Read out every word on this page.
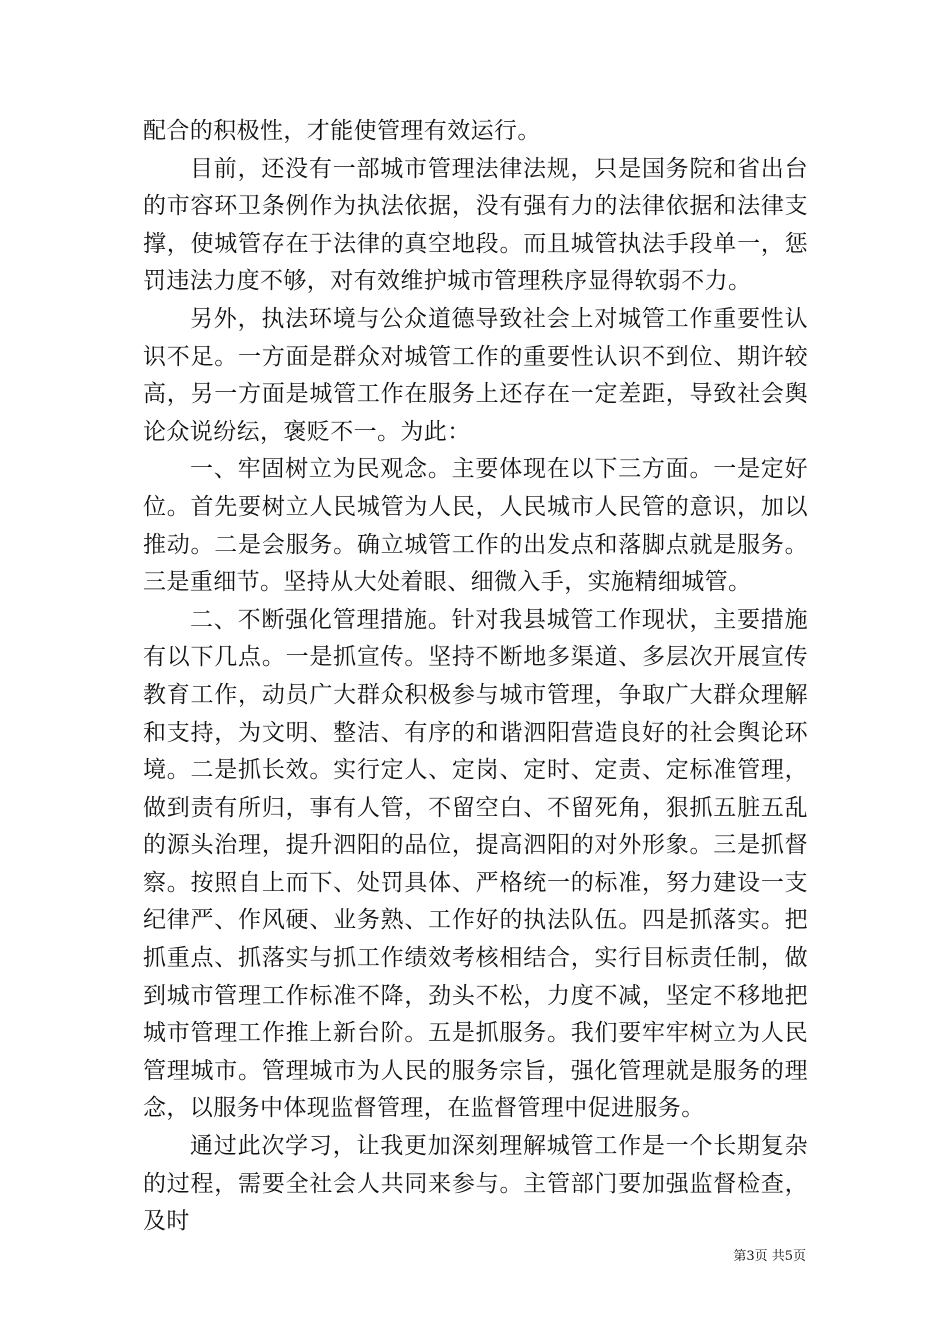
配合的积极性，才能使管理有效运行。

目前，还没有一部城市管理法律法规，只是国务院和省出台的市容环卫条例作为执法依据，没有强有力的法律依据和法律支撑，使城管存在于法律的真空地段。而且城管执法手段单一，惩罚违法力度不够，对有效维护城市管理秩序显得软弱不力。

另外，执法环境与公众道德导致社会上对城管工作重要性认识不足。一方面是群众对城管工作的重要性认识不到位、期许较高，另一方面是城管工作在服务上还存在一定差距，导致社会舆论众说纷纭，褒贬不一。为此：

一、牢固树立为民观念。主要体现在以下三方面。一是定好位。首先要树立人民城管为人民，人民城市人民管的意识，加以推动。二是会服务。确立城管工作的出发点和落脚点就是服务。三是重细节。坚持从大处着眼、细微入手，实施精细城管。

二、不断强化管理措施。针对我县城管工作现状，主要措施有以下几点。一是抓宣传。坚持不断地多渠道、多层次开展宣传教育工作，动员广大群众积极参与城市管理，争取广大群众理解和支持，为文明、整洁、有序的和谐泗阳营造良好的社会舆论环境。二是抓长效。实行定人、定岗、定时、定责、定标准管理，做到责有所归，事有人管，不留空白、不留死角，狠抓五脏五乱的源头治理，提升泗阳的品位，提高泗阳的对外形象。三是抓督察。按照自上而下、处罚具体、严格统一的标准，努力建设一支纪律严、作风硬、业务熟、工作好的执法队伍。四是抓落实。把抓重点、抓落实与抓工作绩效考核相结合，实行目标责任制，做到城市管理工作标准不降，劲头不松，力度不减，坚定不移地把城市管理工作推上新台阶。五是抓服务。我们要牢牢树立为人民管理城市。管理城市为人民的服务宗旨，强化管理就是服务的理念，以服务中体现监督管理，在监督管理中促进服务。

通过此次学习，让我更加深刻理解城管工作是一个长期复杂的过程，需要全社会人共同来参与。主管部门要加强监督检查，及时

第3页 共5页
